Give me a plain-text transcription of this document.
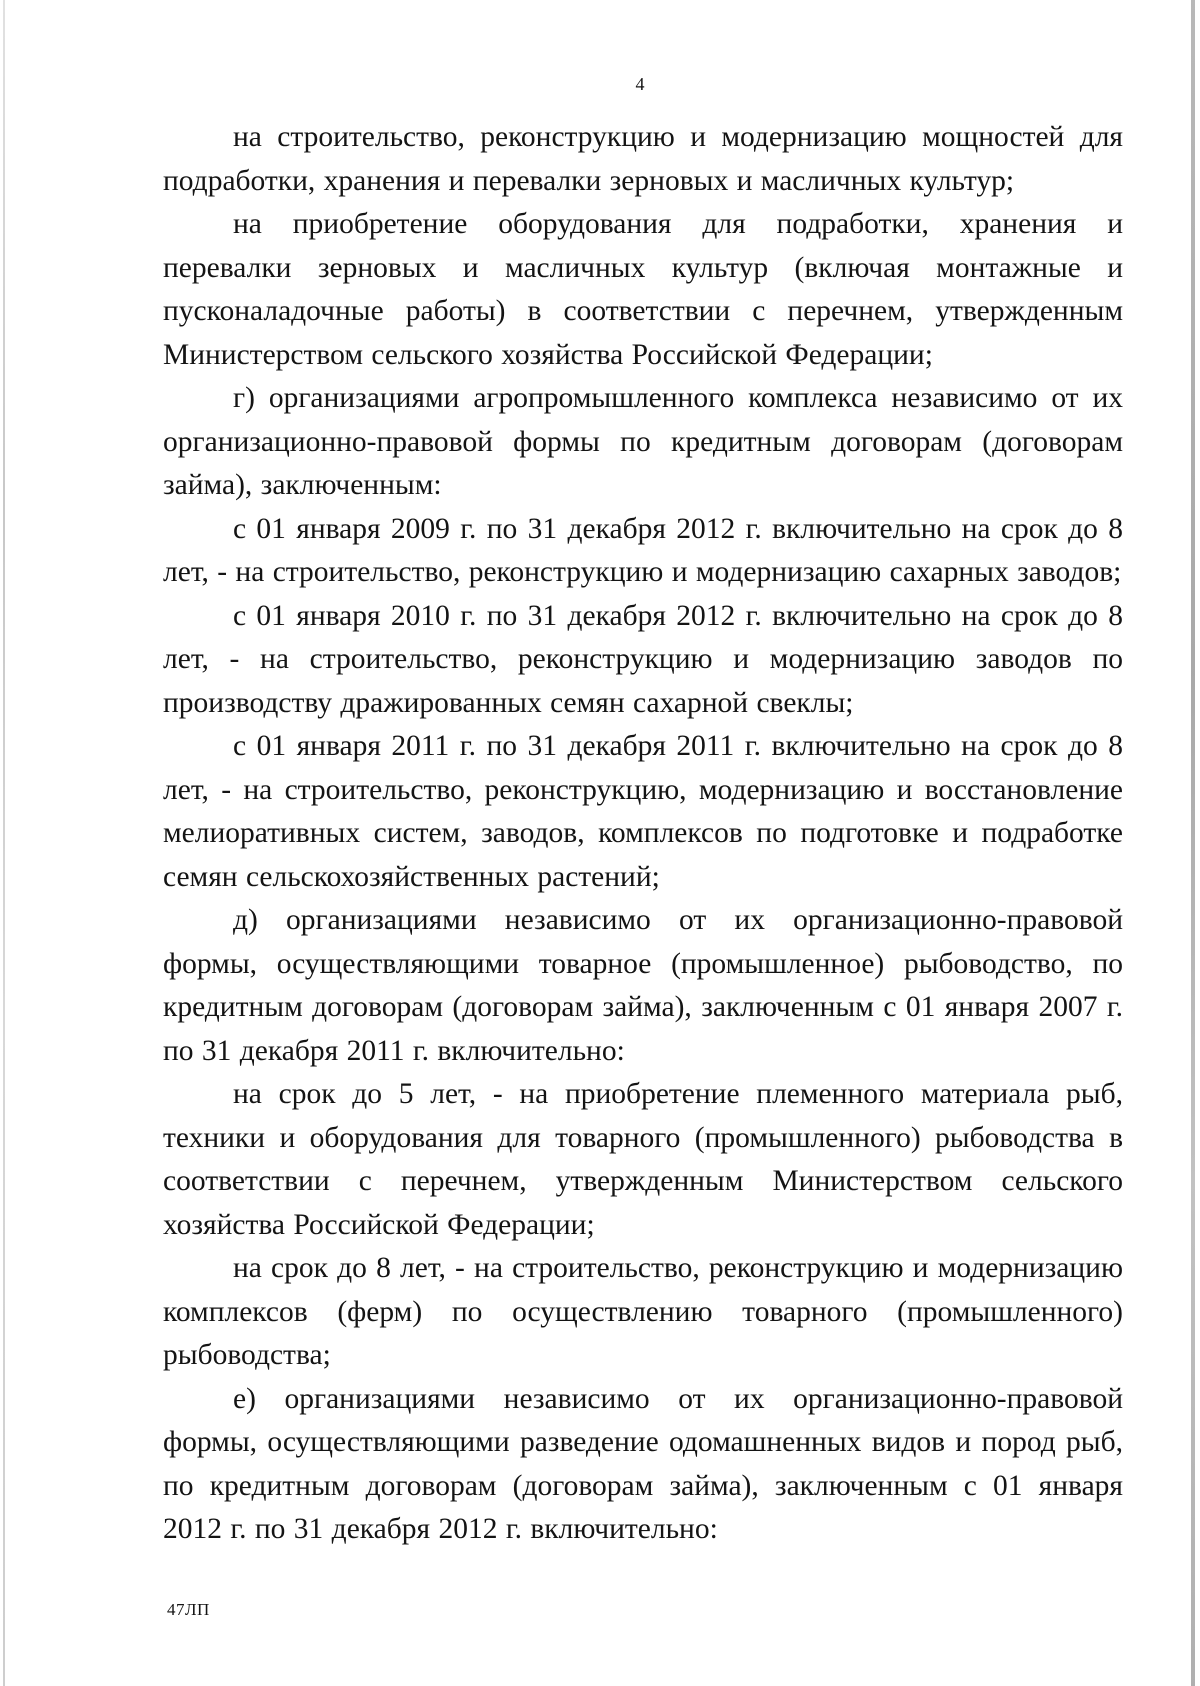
4

на строительство, реконструкцию и модернизацию мощностей для подработки, хранения и перевалки зерновых и масличных культур;

на приобретение оборудования для подработки, хранения и перевалки зерновых и масличных культур (включая монтажные и пусконаладочные работы) в соответствии с перечнем, утвержденным Министерством сельского хозяйства Российской Федерации;

г) организациями агропромышленного комплекса независимо от их организационно-правовой формы по кредитным договорам (договорам займа), заключенным:

с 01 января 2009 г. по 31 декабря 2012 г. включительно на срок до 8 лет, - на строительство, реконструкцию и модернизацию сахарных заводов;

с 01 января 2010 г. по 31 декабря 2012 г. включительно на срок до 8 лет, - на строительство, реконструкцию и модернизацию заводов по производству дражированных семян сахарной свеклы;

с 01 января 2011 г. по 31 декабря 2011 г. включительно на срок до 8 лет, - на строительство, реконструкцию, модернизацию и восстановление мелиоративных систем, заводов, комплексов по подготовке и подработке семян сельскохозяйственных растений;

д) организациями независимо от их организационно-правовой формы, осуществляющими товарное (промышленное) рыбоводство, по кредитным договорам (договорам займа), заключенным с 01 января 2007 г. по 31 декабря 2011 г. включительно:

на срок до 5 лет, - на приобретение племенного материала рыб, техники и оборудования для товарного (промышленного) рыбоводства в соответствии с перечнем, утвержденным Министерством сельского хозяйства Российской Федерации;

на срок до 8 лет, - на строительство, реконструкцию и модернизацию комплексов (ферм) по осуществлению товарного (промышленного) рыбоводства;

е) организациями независимо от их организационно-правовой формы, осуществляющими разведение одомашненных видов и пород рыб, по кредитным договорам (договорам займа), заключенным с 01 января 2012 г. по 31 декабря 2012 г. включительно:

47ЛП
